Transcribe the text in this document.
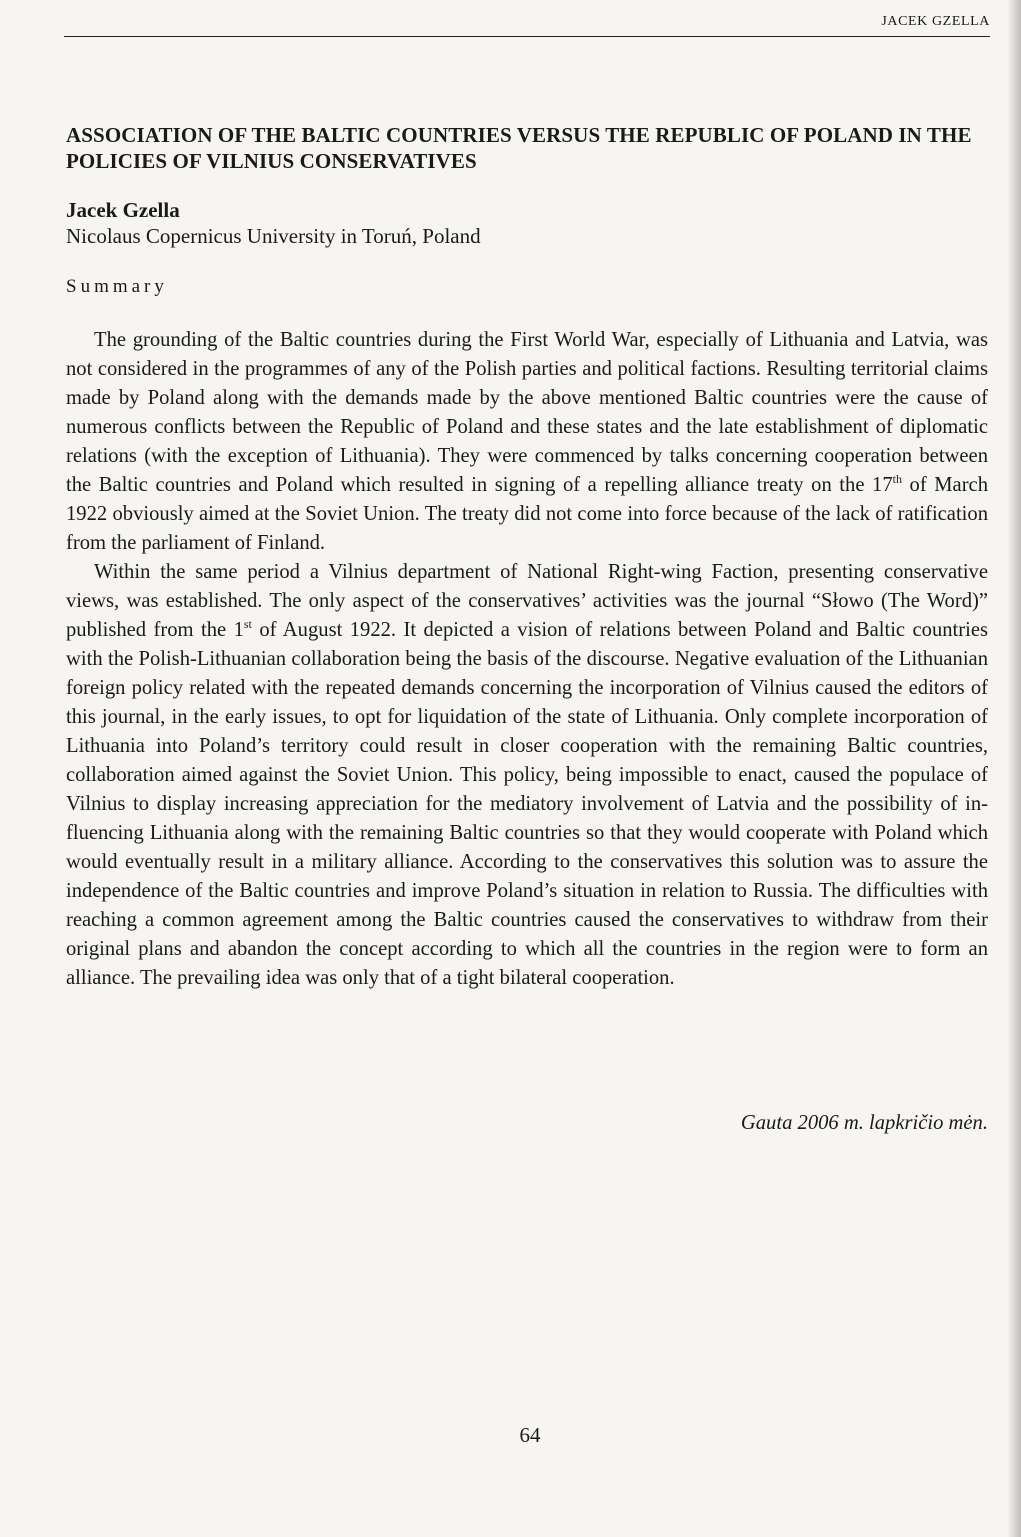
JACEK GZELLA
ASSOCIATION OF THE BALTIC COUNTRIES VERSUS THE REPUBLIC OF POLAND IN THE POLICIES OF VILNIUS CONSERVATIVES

Jacek Gzella

Nicolaus Copernicus University in Toruń, Poland

Summary

The grounding of the Baltic countries during the First World War, especially of Lithuania and Latvia, was not considered in the programmes of any of the Polish parties and political factions. Resulting territorial claims made by Poland along with the demands made by the above mentioned Baltic countries were the cause of numerous conflicts between the Republic of Poland and these states and the late establishment of diplomatic relations (with the exception of Lithuania). They were commenced by talks concerning cooperation between the Baltic countries and Poland which resulted in signing of a repelling alliance treaty on the 17th of March 1922 obviously aimed at the Soviet Union. The treaty did not come into force because of the lack of ratification from the parliament of Finland.

Within the same period a Vilnius department of National Right-wing Faction, presenting conservative views, was established. The only aspect of the conservatives’ activities was the journal “Słowo (The Word)” published from the 1st of August 1922. It depicted a vision of relations between Poland and Baltic countries with the Polish-Lithuanian collaboration being the basis of the discourse. Negative evaluation of the Lithuanian foreign policy related with the repeated demands concerning the incorporation of Vilnius caused the editors of this journal, in the early issues, to opt for liquidation of the state of Lithuania. Only complete incorporation of Lithuania into Poland’s territory could result in closer cooperation with the remaining Baltic countries, collaboration aimed against the Soviet Union. This policy, being impossible to enact, caused the populace of Vilnius to display increasing appreciation for the mediatory involvement of Latvia and the possibility of influencing Lithuania along with the remaining Baltic countries so that they would cooperate with Poland which would eventually result in a military alliance. According to the conservatives this solution was to assure the independence of the Baltic countries and improve Poland’s situation in relation to Russia. The difficulties with reaching a common agreement among the Baltic countries caused the conservatives to withdraw from their original plans and abandon the concept according to which all the countries in the region were to form an alliance. The prevailing idea was only that of a tight bilateral cooperation.

Gauta 2006 m. lapkričio mėn.

64
